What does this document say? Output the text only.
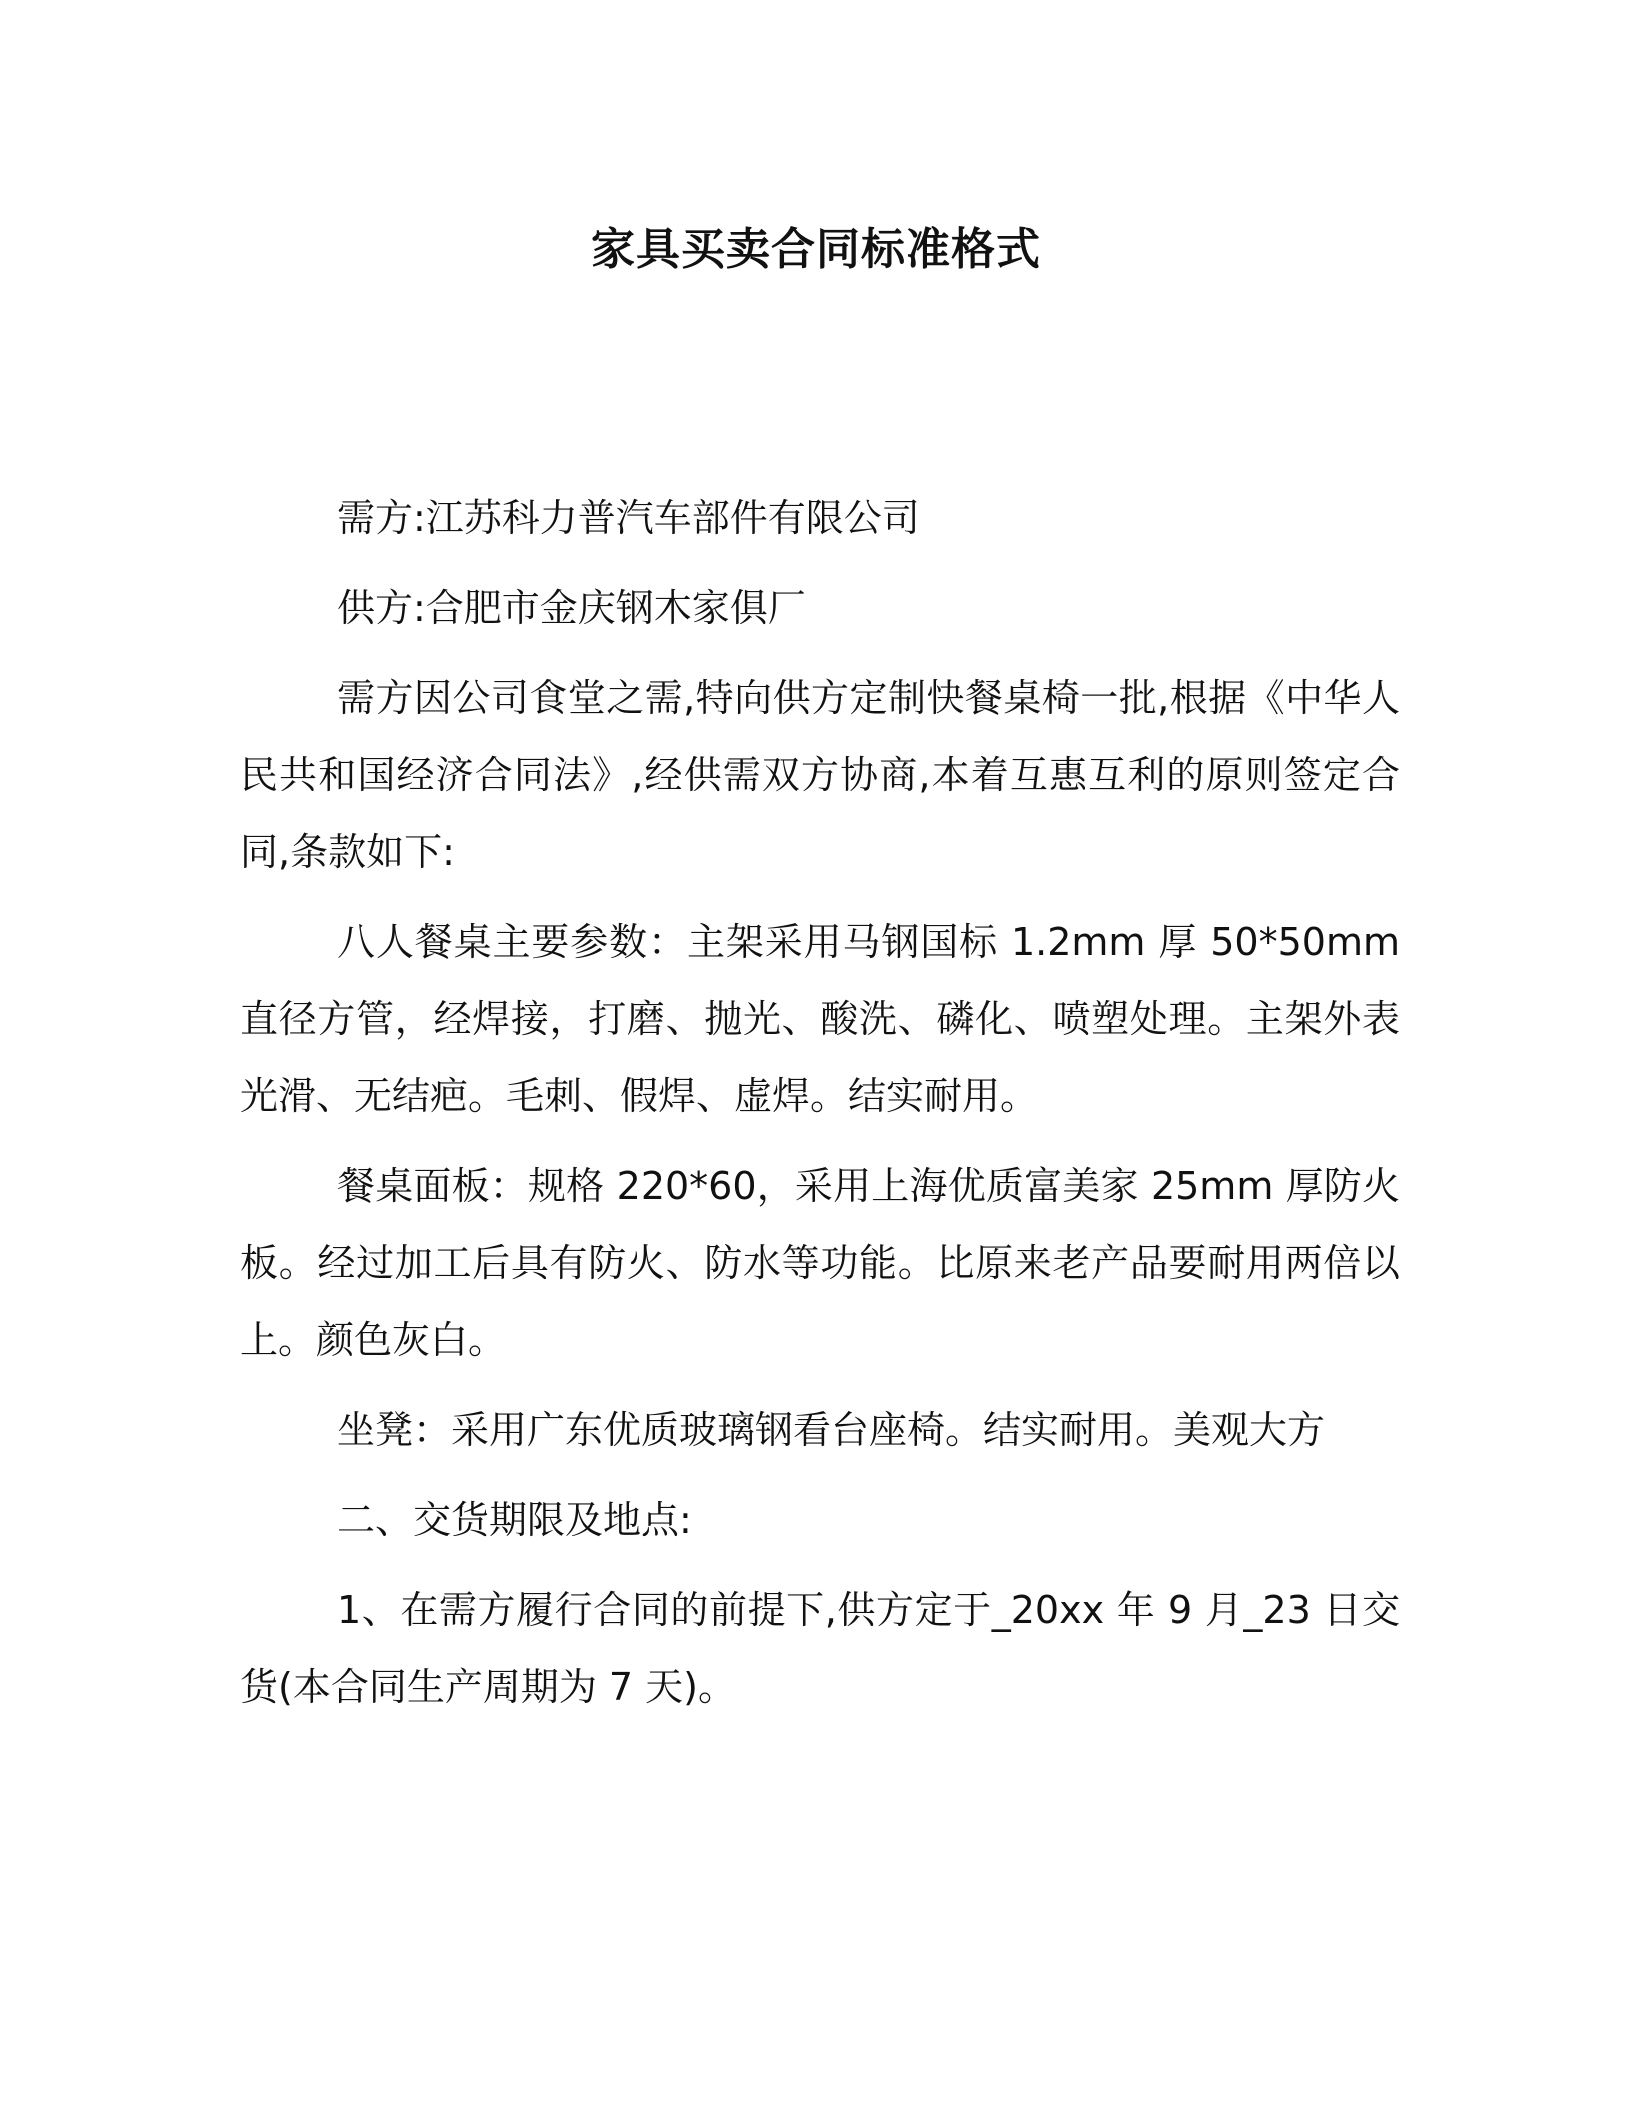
家具买卖合同标准格式

需方:江苏科力普汽车部件有限公司

供方:合肥市金庆钢木家俱厂

需方因公司食堂之需,特向供方定制快餐桌椅一批,根据《中华人民共和国经济合同法》,经供需双方协商,本着互惠互利的原则签定合同,条款如下:

八人餐桌主要参数：主架采用马钢国标 1.2mm 厚 50*50mm 直径方管，经焊接，打磨、抛光、酸洗、磷化、喷塑处理。主架外表光滑、无结疤。毛刺、假焊、虚焊。结实耐用。

餐桌面板：规格 220*60，采用上海优质富美家 25mm 厚防火板。经过加工后具有防火、防水等功能。比原来老产品要耐用两倍以上。颜色灰白。

坐凳：采用广东优质玻璃钢看台座椅。结实耐用。美观大方

二、交货期限及地点:

1、在需方履行合同的前提下,供方定于_20xx 年 9 月_23 日交货(本合同生产周期为 7 天)。
